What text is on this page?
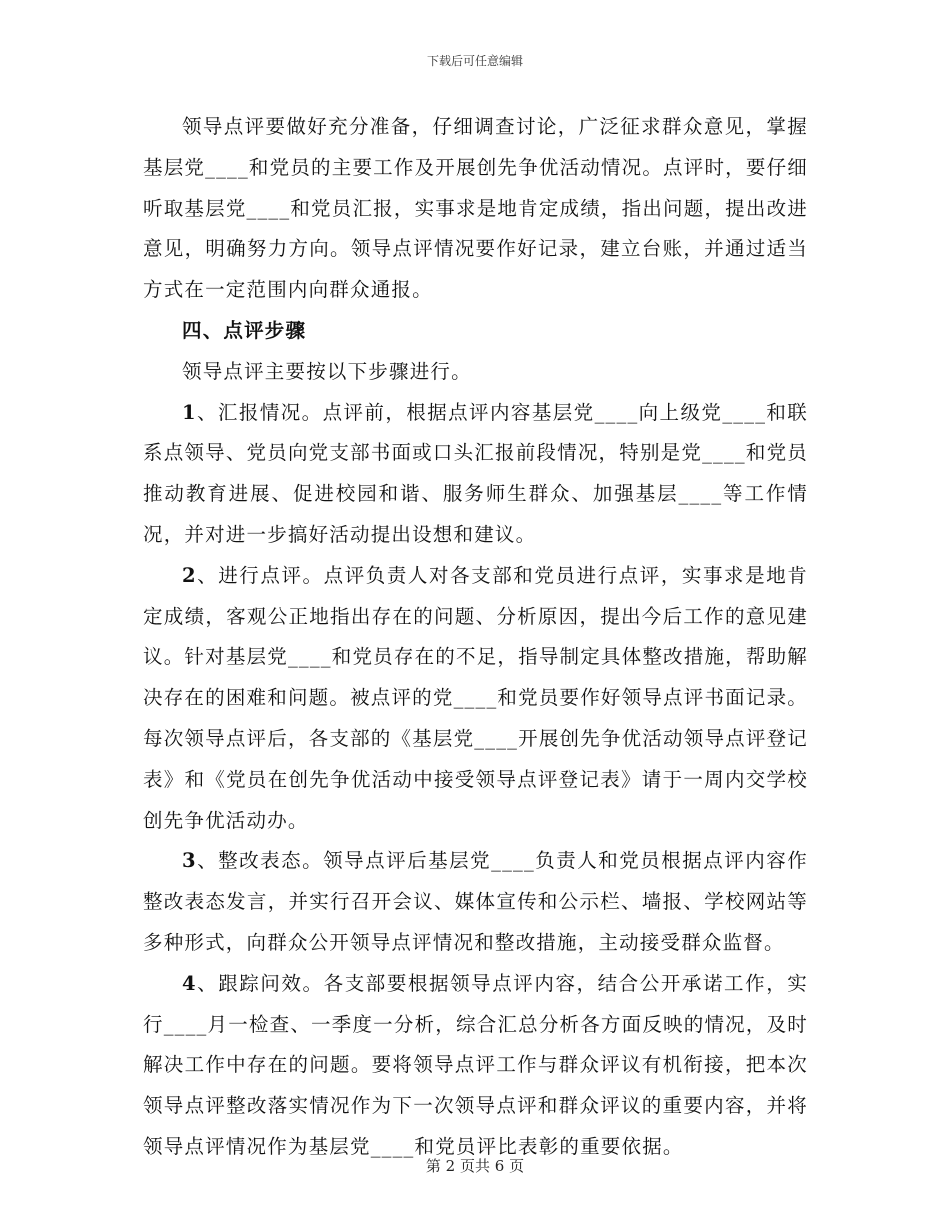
下载后可任意编辑

领导点评要做好充分准备，仔细调查讨论，广泛征求群众意见，掌握基层党____和党员的主要工作及开展创先争优活动情况。点评时，要仔细听取基层党____和党员汇报，实事求是地肯定成绩，指出问题，提出改进意见，明确努力方向。领导点评情况要作好记录，建立台账，并通过适当方式在一定范围内向群众通报。

四、点评步骤

领导点评主要按以下步骤进行。

1、汇报情况。点评前，根据点评内容基层党____向上级党____和联系点领导、党员向党支部书面或口头汇报前段情况，特别是党____和党员推动教育进展、促进校园和谐、服务师生群众、加强基层____等工作情况，并对进一步搞好活动提出设想和建议。

2、进行点评。点评负责人对各支部和党员进行点评，实事求是地肯定成绩，客观公正地指出存在的问题、分析原因，提出今后工作的意见建议。针对基层党____和党员存在的不足，指导制定具体整改措施，帮助解决存在的困难和问题。被点评的党____和党员要作好领导点评书面记录。每次领导点评后，各支部的《基层党____开展创先争优活动领导点评登记表》和《党员在创先争优活动中接受领导点评登记表》请于一周内交学校创先争优活动办。

3、整改表态。领导点评后基层党____负责人和党员根据点评内容作整改表态发言，并实行召开会议、媒体宣传和公示栏、墙报、学校网站等多种形式，向群众公开领导点评情况和整改措施，主动接受群众监督。

4、跟踪问效。各支部要根据领导点评内容，结合公开承诺工作，实行____月一检查、一季度一分析，综合汇总分析各方面反映的情况，及时解决工作中存在的问题。要将领导点评工作与群众评议有机衔接，把本次领导点评整改落实情况作为下一次领导点评和群众评议的重要内容，并将领导点评情况作为基层党____和党员评比表彰的重要依据。

第 2 页共 6 页
